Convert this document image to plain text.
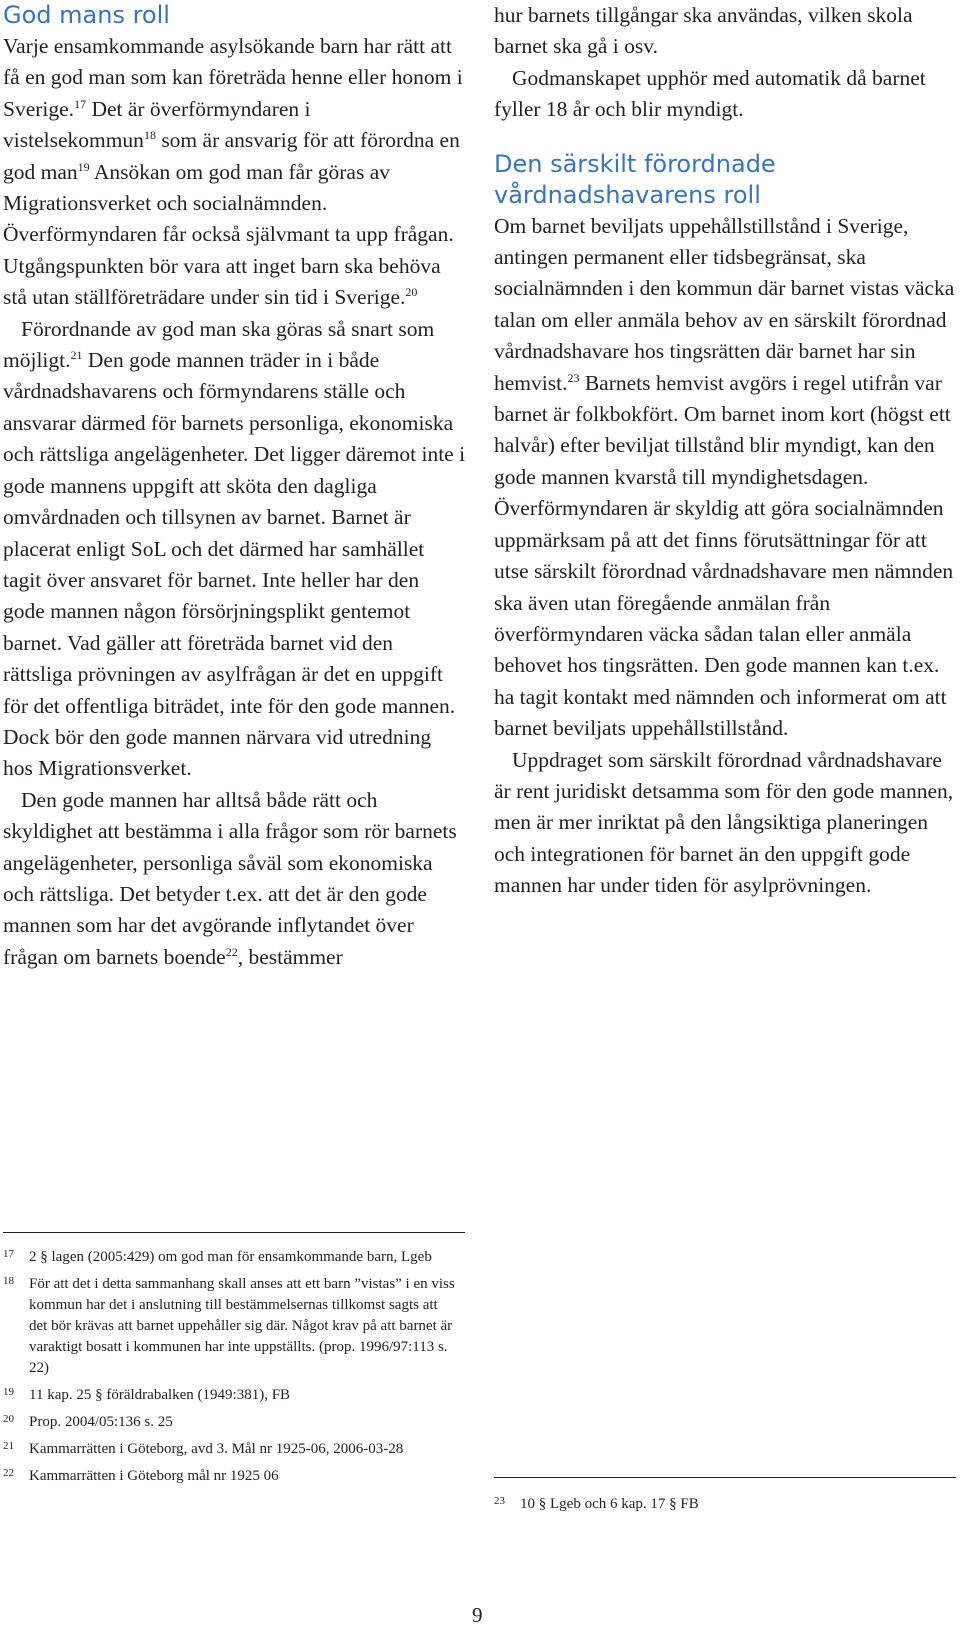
God mans roll

Varje ensamkommande asylsökande barn har rätt att få en god man som kan företräda henne eller honom i Sverige.$^{17}$ Det är överförmyndaren i vistelsekommun$^{18}$ som är ansvarig för att förordna en god man$^{19}$ Ansökan om god man får göras av Migrationsverket och socialnämnden. Överförmyndaren får också självmant ta upp frågan. Utgångspunkten bör vara att inget barn ska behöva stå utan ställföreträdare under sin tid i Sverige.$^{20}$

Förordnande av god man ska göras så snart som möjligt.$^{21}$ Den gode mannen träder in i både vårdnadshavarens och förmyndarens ställe och ansvarar därmed för barnets personliga, ekonomiska och rättsliga angelägenheter. Det ligger däremot inte i gode mannens uppgift att sköta den dagliga omvårdnaden och tillsynen av barnet. Barnet är placerat enligt SoL och det därmed har samhället tagit över ansvaret för barnet. Inte heller har den gode mannen någon försörjningsplikt gentemot barnet. Vad gäller att företräda barnet vid den rättsliga prövningen av asylfrågan är det en uppgift för det offentliga biträdet, inte för den gode mannen. Dock bör den gode mannen närvara vid utredning hos Migrationsverket.

Den gode mannen har alltså både rätt och skyldighet att bestämma i alla frågor som rör barnets angelägenheter, personliga såväl som ekonomiska och rättsliga. Det betyder t.ex. att det är den gode mannen som har det avgörande inflytandet över frågan om barnets boende$^{22}$, bestämmer

hur barnets tillgångar ska användas, vilken skola barnet ska gå i osv.

Godmanskapet upphör med automatik då barnet fyller 18 år och blir myndigt.

Den särskilt förordnade vårdnadshavarens roll

Om barnet beviljats uppehållstillstånd i Sverige, antingen permanent eller tidsbegränsat, ska socialnämnden i den kommun där barnet vistas väcka talan om eller anmäla behov av en särskilt förordnad vårdnadshavare hos tingsrätten där barnet har sin hemvist.$^{23}$ Barnets hemvist avgörs i regel utifrån var barnet är folkbokfört. Om barnet inom kort (högst ett halvår) efter beviljat tillstånd blir myndigt, kan den gode mannen kvarstå till myndighetsdagen. Överförmyndaren är skyldig att göra socialnämnden uppmärksam på att det finns förutsättningar för att utse särskilt förordnad vårdnadshavare men nämnden ska även utan föregående anmälan från överförmyndaren väcka sådan talan eller anmäla behovet hos tingsrätten. Den gode mannen kan t.ex. ha tagit kontakt med nämnden och informerat om att barnet beviljats uppehållstillstånd.

Uppdraget som särskilt förordnad vårdnadshavare är rent juridiskt detsamma som för den gode mannen, men är mer inriktat på den långsiktiga planeringen och integrationen för barnet än den uppgift gode mannen har under tiden för asylprövningen.

17 2 § lagen (2005:429) om god man för ensamkommande barn, Lgeb
18 För att det i detta sammanhang skall anses att ett barn ”vistas” i en viss kommun har det i anslutning till bestämmelsernas tillkomst sagts att det bör krävas att barnet uppehåller sig där. Något krav på att barnet är varaktigt bosatt i kommunen har inte uppställts. (prop. 1996/97:113 s. 22)
19 11 kap. 25 § föräldrabalken (1949:381), FB
20 Prop. 2004/05:136 s. 25
21 Kammarrätten i Göteborg, avd 3. Mål nr 1925-06, 2006-03-28
22 Kammarrätten i Göteborg mål nr 1925 06
23 10 § Lgeb och 6 kap. 17 § FB
9
